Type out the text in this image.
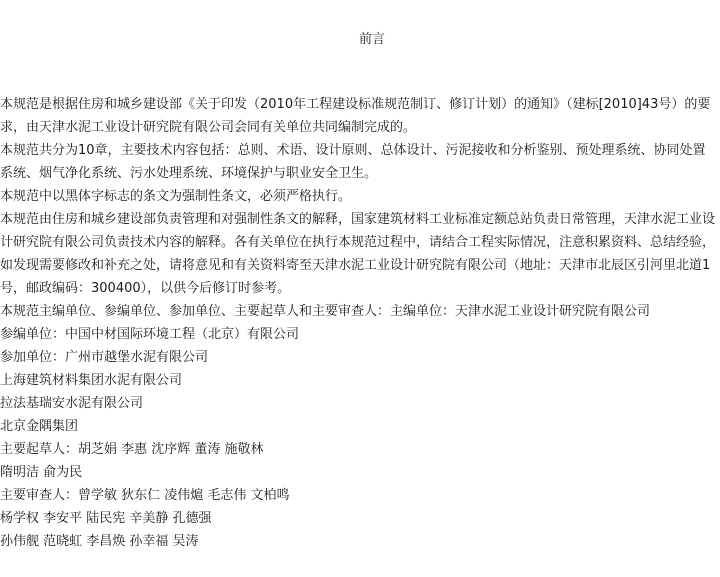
前言

本规范是根据住房和城乡建设部《关于印发（2010年工程建设标准规范制订、修订计划）的通知》（建标[2010]43号）的要求，由天津水泥工业设计研究院有限公司会同有关单位共同编制完成的。

本规范共分为10章，主要技术内容包括：总则、术语、设计原则、总体设计、污泥接收和分析鉴别、预处理系统、协同处置系统、烟气净化系统、污水处理系统、环境保护与职业安全卫生。

本规范中以黑体字标志的条文为强制性条文，必须严格执行。

本规范由住房和城乡建设部负责管理和对强制性条文的解释，国家建筑材料工业标准定额总站负责日常管理，天津水泥工业设计研究院有限公司负责技术内容的解释。各有关单位在执行本规范过程中，请结合工程实际情况，注意积累资料、总结经验，如发现需要修改和补充之处，请将意见和有关资料寄至天津水泥工业设计研究院有限公司（地址：天津市北辰区引河里北道1号，邮政编码：300400），以供今后修订时参考。

本规范主编单位、参编单位、参加单位、主要起草人和主要审查人：主编单位：天津水泥工业设计研究院有限公司
参编单位：中国中材国际环境工程（北京）有限公司
参加单位：广州市越堡水泥有限公司
上海建筑材料集团水泥有限公司
拉法基瑞安水泥有限公司
北京金隅集团
主要起草人：胡芝娟 李惠 沈序辉 董涛 施敬林
隋明洁 俞为民
主要审查人：曾学敏 狄东仁 凌伟熩 毛志伟 文柏鸣
杨学权 李安平 陆民宪 辛美静 孔德强
孙伟舰 范晓虹 李昌焕 孙幸福 吴涛
